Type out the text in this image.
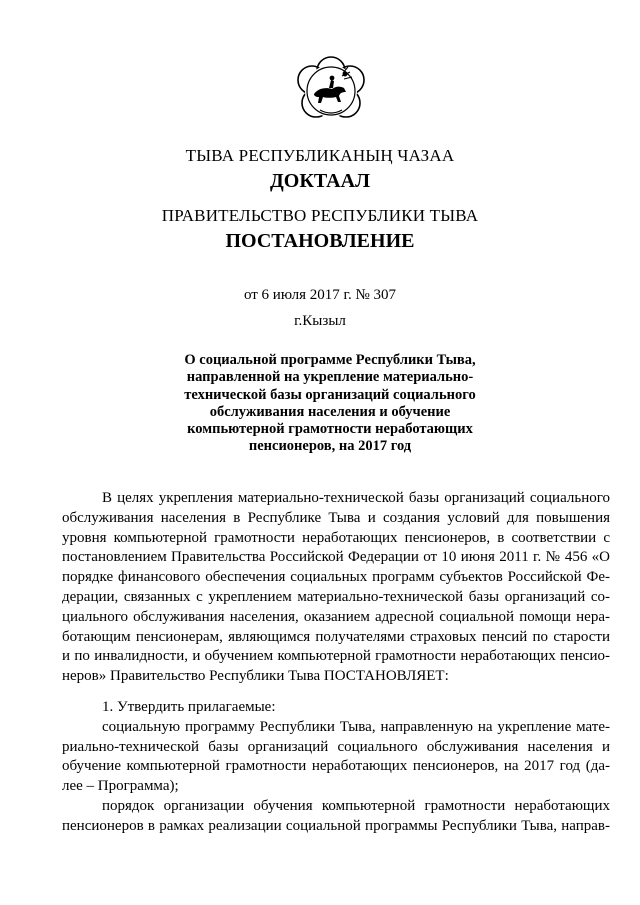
ТЫВА РЕСПУБЛИКАНЫҢ ЧАЗАА
ДОКТААЛ
ПРАВИТЕЛЬСТВО РЕСПУБЛИКИ ТЫВА
ПОСТАНОВЛЕНИЕ
от 6 июля 2017 г. № 307
г.Кызыл
О социальной программе Республики Тыва,
направленной на укрепление материально-
технической базы организаций социального
обслуживания населения и обучение
компьютерной грамотности неработающих
пенсионеров, на 2017 год
В целях укрепления материально-технической базы организаций социального
обслуживания населения в Республике Тыва и создания условий для повышения
уровня компьютерной грамотности неработающих пенсионеров, в соответствии с
постановлением Правительства Российской Федерации от 10 июня 2011 г. № 456 «О
порядке финансового обеспечения социальных программ субъектов Российской Фе-
дерации, связанных с укреплением материально-технической базы организаций со-
циального обслуживания населения, оказанием адресной социальной помощи нера-
ботающим пенсионерам, являющимся получателями страховых пенсий по старости
и по инвалидности, и обучением компьютерной грамотности неработающих пенсио-
неров» Правительство Республики Тыва ПОСТАНОВЛЯЕТ:
1. Утвердить прилагаемые:
социальную программу Республики Тыва, направленную на укрепление мате-
риально-технической базы организаций социального обслуживания населения и
обучение компьютерной грамотности неработающих пенсионеров, на 2017 год (да-
лее – Программа);
порядок организации обучения компьютерной грамотности неработающих
пенсионеров в рамках реализации социальной программы Республики Тыва, направ-
